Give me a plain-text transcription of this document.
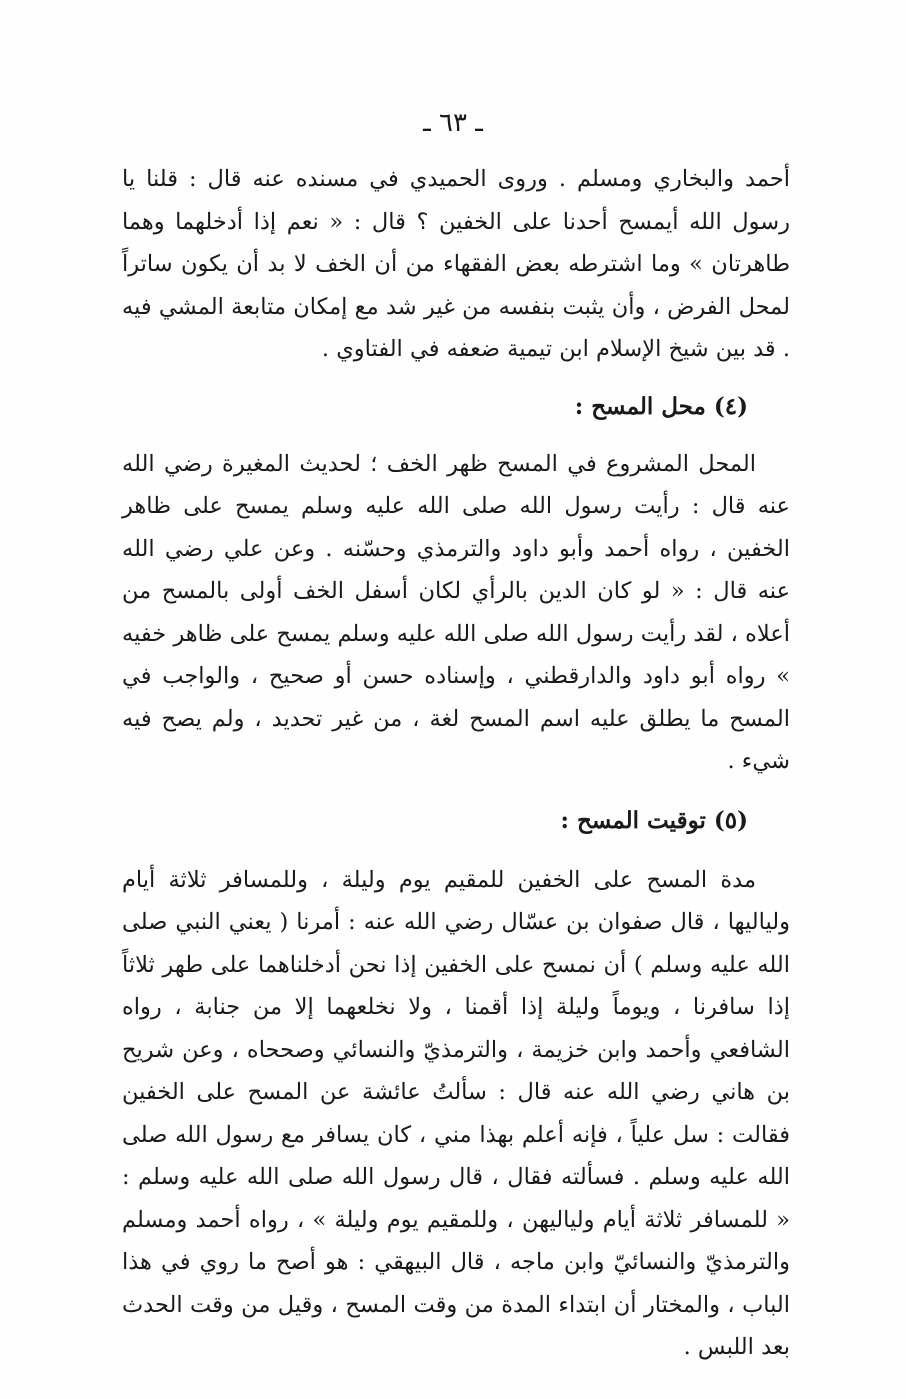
ـ ٦٣ ـ

أحمد والبخاري ومسلم . وروى الحميدي في مسنده عنه قال : قلنا يا رسول الله أيمسح أحدنا على الخفين ؟ قال : « نعم إذا أدخلهما وهما طاهرتان » وما اشترطه بعض الفقهاء من أن الخف لا بد أن يكون ساتراً لمحل الفرض ، وأن يثبت بنفسه من غير شد مع إمكان متابعة المشي فيه . قد بين شيخ الإسلام ابن تيمية ضعفه في الفتاوي .

(٤) محل المسح :

المحل المشروع في المسح ظهر الخف ؛ لحديث المغيرة رضي الله عنه قال : رأيت رسول الله صلى الله عليه وسلم يمسح على ظاهر الخفين ، رواه أحمد وأبو داود والترمذي وحسّنه . وعن علي رضي الله عنه قال : « لو كان الدين بالرأي لكان أسفل الخف أولى بالمسح من أعلاه ، لقد رأيت رسول الله صلى الله عليه وسلم يمسح على ظاهر خفيه » رواه أبو داود والدارقطني ، وإسناده حسن أو صحيح ، والواجب في المسح ما يطلق عليه اسم المسح لغة ، من غير تحديد ، ولم يصح فيه شيء .

(٥) توقيت المسح :

مدة المسح على الخفين للمقيم يوم وليلة ، وللمسافر ثلاثة أيام ولياليها ، قال صفوان بن عسّال رضي الله عنه : أمرنا ( يعني النبي صلى الله عليه وسلم ) أن نمسح على الخفين إذا نحن أدخلناهما على طهر ثلاثاً إذا سافرنا ، ويوماً وليلة إذا أقمنا ، ولا نخلعهما إلا من جنابة ، رواه الشافعي وأحمد وابن خزيمة ، والترمذيّ والنسائي وصححاه ، وعن شريح بن هاني رضي الله عنه قال : سألتُ عائشة عن المسح على الخفين فقالت : سل علياً ، فإنه أعلم بهذا مني ، كان يسافر مع رسول الله صلى الله عليه وسلم . فسألته فقال ، قال رسول الله صلى الله عليه وسلم : « للمسافر ثلاثة أيام ولياليهن ، وللمقيم يوم وليلة » ، رواه أحمد ومسلم والترمذيّ والنسائيّ وابن ماجه ، قال البيهقي : هو أصح ما روي في هذا الباب ، والمختار أن ابتداء المدة من وقت المسح ، وقيل من وقت الحدث بعد اللبس .
